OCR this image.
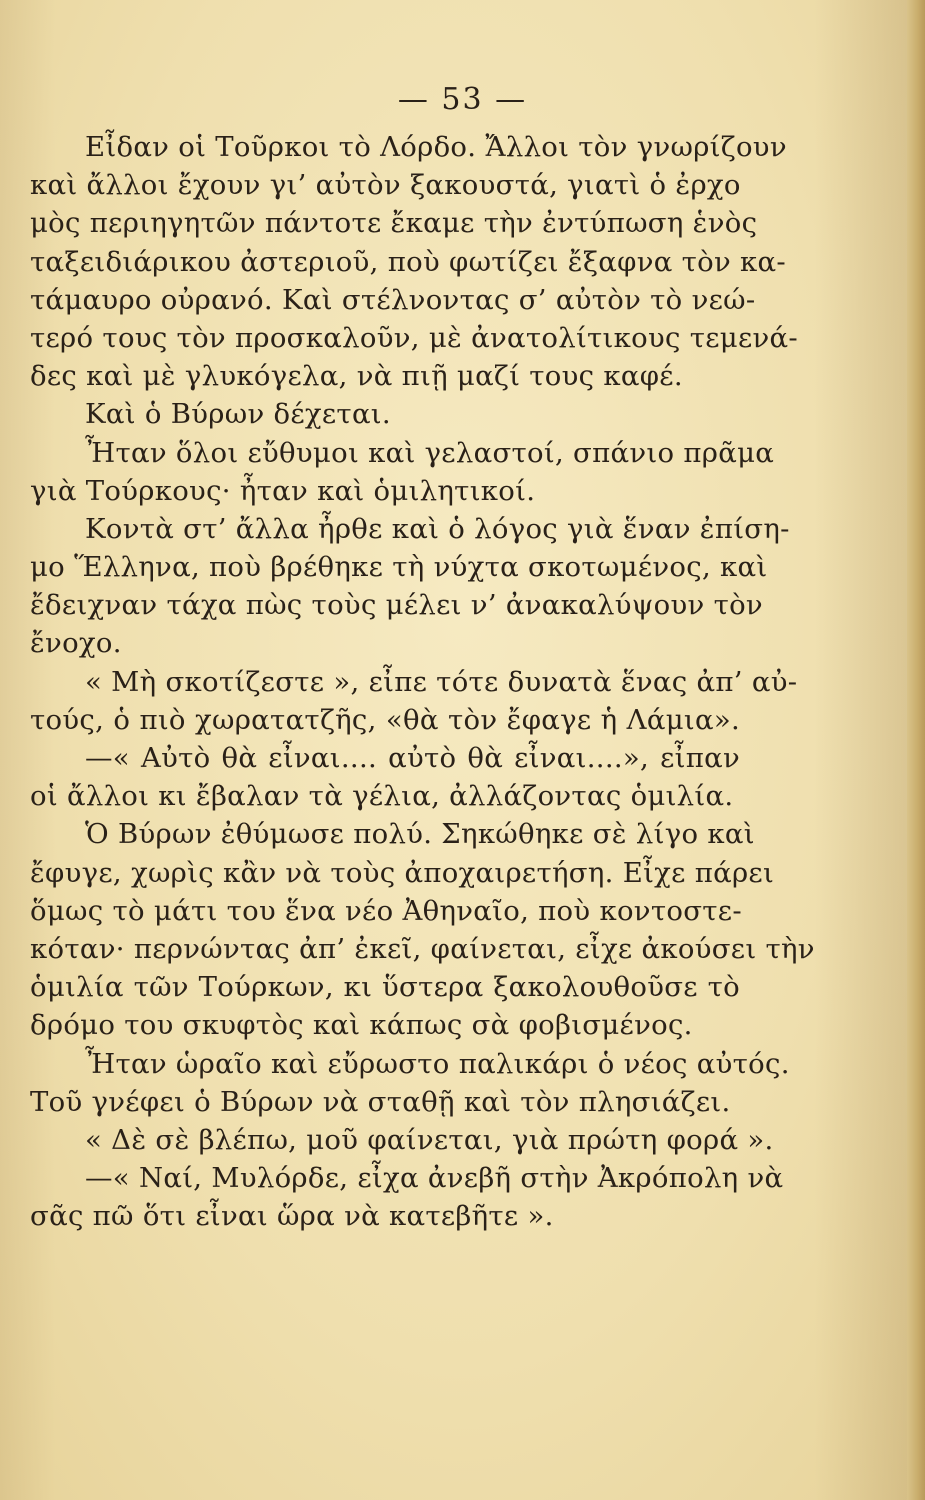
— 53 —
Εἶδαν οἱ Τοῦρκοι τὸ Λόρδο. Ἄλλοι τὸν γνωρίζουν
καὶ ἄλλοι ἔχουν γι’ αὐτὸν ξακουστά, γιατὶ ὁ ἐρχο
μὸς περιηγητῶν πάντοτε ἔκαμε τὴν ἐντύπωση ἑνὸς
ταξειδιάρικου ἀστεριοῦ, ποὺ φωτίζει ἔξαφνα τὸν κα-
τάμαυρο οὐρανό. Καὶ στέλνοντας σ’ αὐτὸν τὸ νεώ-
τερό τους τὸν προσκαλοῦν, μὲ ἀνατολίτικους τεμενά-
δες καὶ μὲ γλυκόγελα, νὰ πιῇ μαζί τους καφέ.
Καὶ ὁ Βύρων δέχεται.
Ἦταν ὅλοι εὔθυμοι καὶ γελαστοί, σπάνιο πρᾶμα
γιὰ Τούρκους· ἦταν καὶ ὁμιλητικοί.
Κοντὰ στ’ ἄλλα ἦρθε καὶ ὁ λόγος γιὰ ἕναν ἐπίση-
μο Ἕλληνα, ποὺ βρέθηκε τὴ νύχτα σκοτωμένος, καὶ
ἔδειχναν τάχα πὼς τοὺς μέλει ν’ ἀνακαλύψουν τὸν
ἔνοχο.
« Μὴ σκοτίζεστε », εἶπε τότε δυνατὰ ἕνας ἀπ’ αὐ-
τούς, ὁ πιὸ χωρατατζῆς, «θὰ τὸν ἔφαγε ἡ Λάμια».
—« Αὐτὸ θὰ εἶναι.... αὐτὸ θὰ εἶναι....», εἶπαν
οἱ ἄλλοι κι ἔβαλαν τὰ γέλια, ἀλλάζοντας ὁμιλία.
Ὁ Βύρων ἐθύμωσε πολύ. Σηκώθηκε σὲ λίγο καὶ
ἔφυγε, χωρὶς κἂν νὰ τοὺς ἀποχαιρετήση. Εἶχε πάρει
ὅμως τὸ μάτι του ἕνα νέο Ἀθηναῖο, ποὺ κοντοστε-
κόταν· περνώντας ἀπ’ ἐκεῖ, φαίνεται, εἶχε ἀκούσει τὴν
ὁμιλία τῶν Τούρκων, κι ὕστερα ξακολουθοῦσε τὸ
δρόμο του σκυφτὸς καὶ κάπως σὰ φοβισμένος.
Ἦταν ὡραῖο καὶ εὔρωστο παλικάρι ὁ νέος αὐτός.
Τοῦ γνέφει ὁ Βύρων νὰ σταθῇ καὶ τὸν πλησιάζει.
« Δὲ σὲ βλέπω, μοῦ φαίνεται, γιὰ πρώτη φορά ».
—« Ναί, Μυλόρδε, εἶχα ἀνεβῆ στὴν Ἀκρόπολη νὰ
σᾶς πῶ ὅτι εἶναι ὥρα νὰ κατεβῆτε ».
